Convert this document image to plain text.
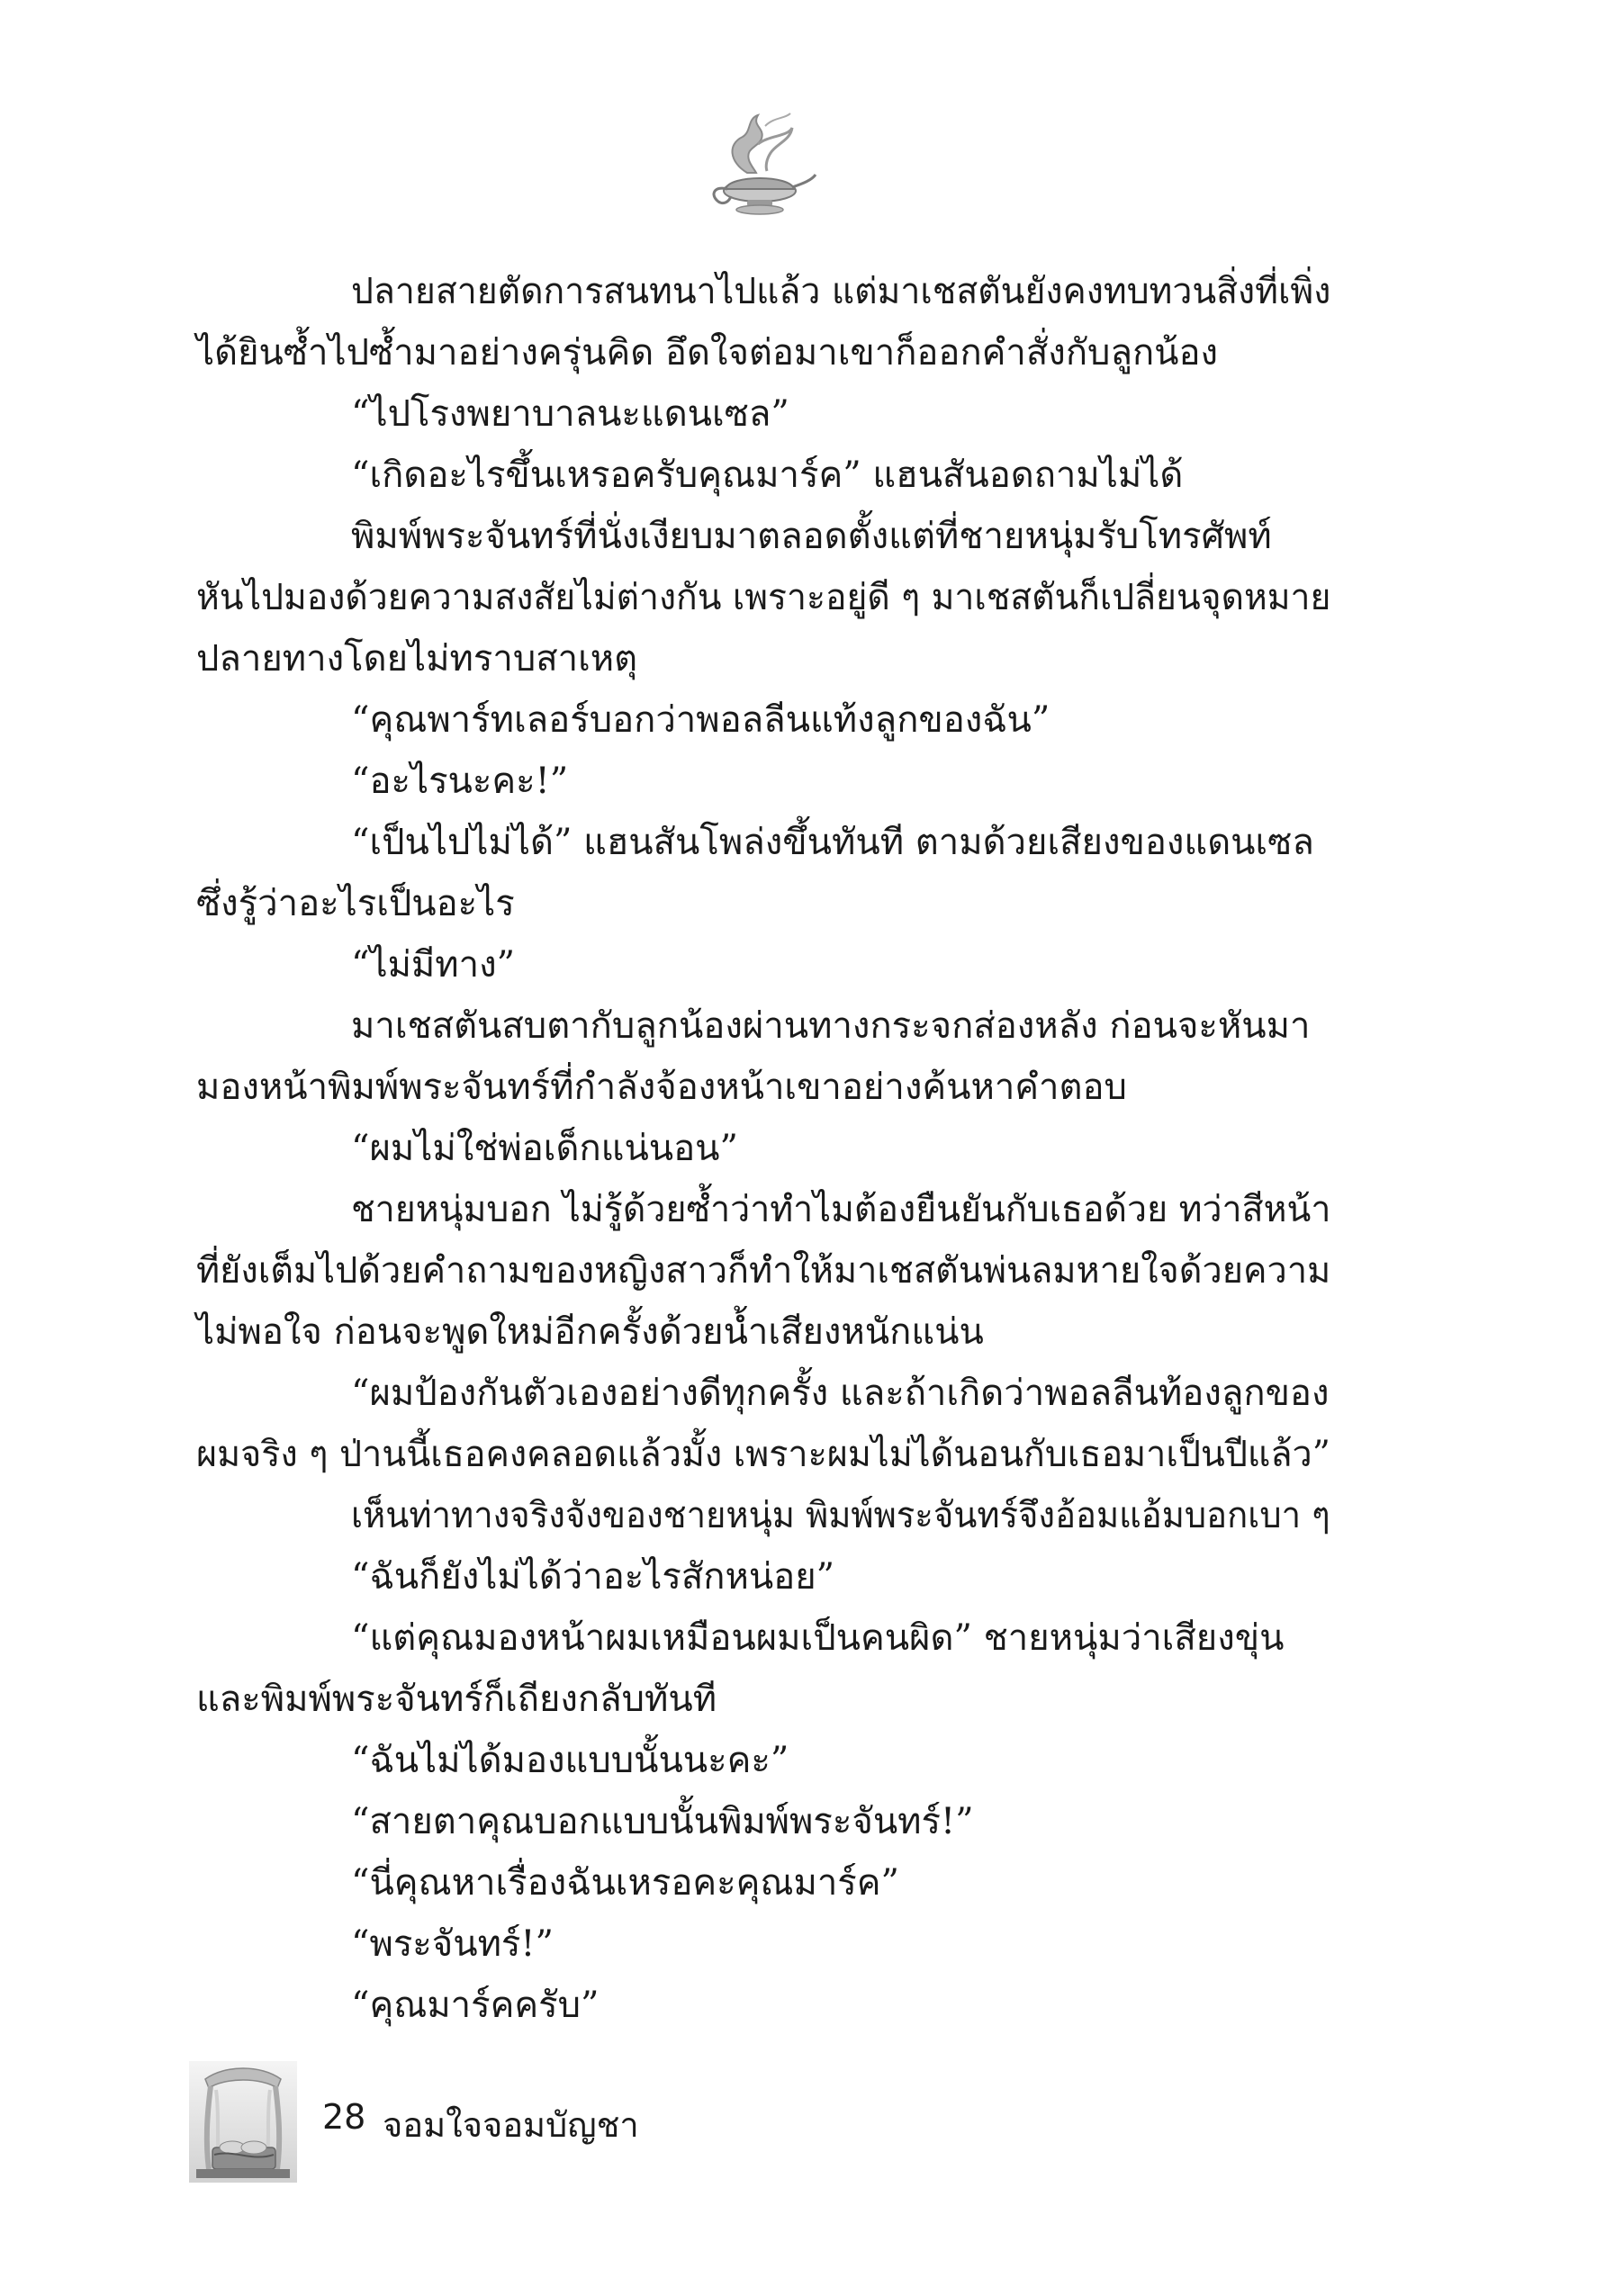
ปลายสายตัดการสนทนาไปแล้ว แต่มาเชสตันยังคงทบทวนสิ่งที่เพิ่ง
ได้ยินซ้ำไปซ้ำมาอย่างครุ่นคิด อึดใจต่อมาเขาก็ออกคำสั่งกับลูกน้อง
“ไปโรงพยาบาลนะแดนเซล”
“เกิดอะไรขึ้นเหรอครับคุณมาร์ค” แฮนสันอดถามไม่ได้
พิมพ์พระจันทร์ที่นั่งเงียบมาตลอดตั้งแต่ที่ชายหนุ่มรับโทรศัพท์
หันไปมองด้วยความสงสัยไม่ต่างกัน เพราะอยู่ดี ๆ มาเชสตันก็เปลี่ยนจุดหมาย
ปลายทางโดยไม่ทราบสาเหตุ
“คุณพาร์ทเลอร์บอกว่าพอลลีนแท้งลูกของฉัน”
“อะไรนะคะ!”
“เป็นไปไม่ได้” แฮนสันโพล่งขึ้นทันที ตามด้วยเสียงของแดนเซล
ซึ่งรู้ว่าอะไรเป็นอะไร
“ไม่มีทาง”
มาเชสตันสบตากับลูกน้องผ่านทางกระจกส่องหลัง ก่อนจะหันมา
มองหน้าพิมพ์พระจันทร์ที่กำลังจ้องหน้าเขาอย่างค้นหาคำตอบ
“ผมไม่ใช่พ่อเด็กแน่นอน”
ชายหนุ่มบอก ไม่รู้ด้วยซ้ำว่าทำไมต้องยืนยันกับเธอด้วย ทว่าสีหน้า
ที่ยังเต็มไปด้วยคำถามของหญิงสาวก็ทำให้มาเชสตันพ่นลมหายใจด้วยความ
ไม่พอใจ ก่อนจะพูดใหม่อีกครั้งด้วยน้ำเสียงหนักแน่น
“ผมป้องกันตัวเองอย่างดีทุกครั้ง และถ้าเกิดว่าพอลลีนท้องลูกของ
ผมจริง ๆ ป่านนี้เธอคงคลอดแล้วมั้ง เพราะผมไม่ได้นอนกับเธอมาเป็นปีแล้ว”
เห็นท่าทางจริงจังของชายหนุ่ม พิมพ์พระจันทร์จึงอ้อมแอ้มบอกเบา ๆ
“ฉันก็ยังไม่ได้ว่าอะไรสักหน่อย”
“แต่คุณมองหน้าผมเหมือนผมเป็นคนผิด” ชายหนุ่มว่าเสียงขุ่น
และพิมพ์พระจันทร์ก็เถียงกลับทันที
“ฉันไม่ได้มองแบบนั้นนะคะ”
“สายตาคุณบอกแบบนั้นพิมพ์พระจันทร์!”
“นี่คุณหาเรื่องฉันเหรอคะคุณมาร์ค”
“พระจันทร์!”
“คุณมาร์คครับ”
28 จอมใจจอมบัญชา
